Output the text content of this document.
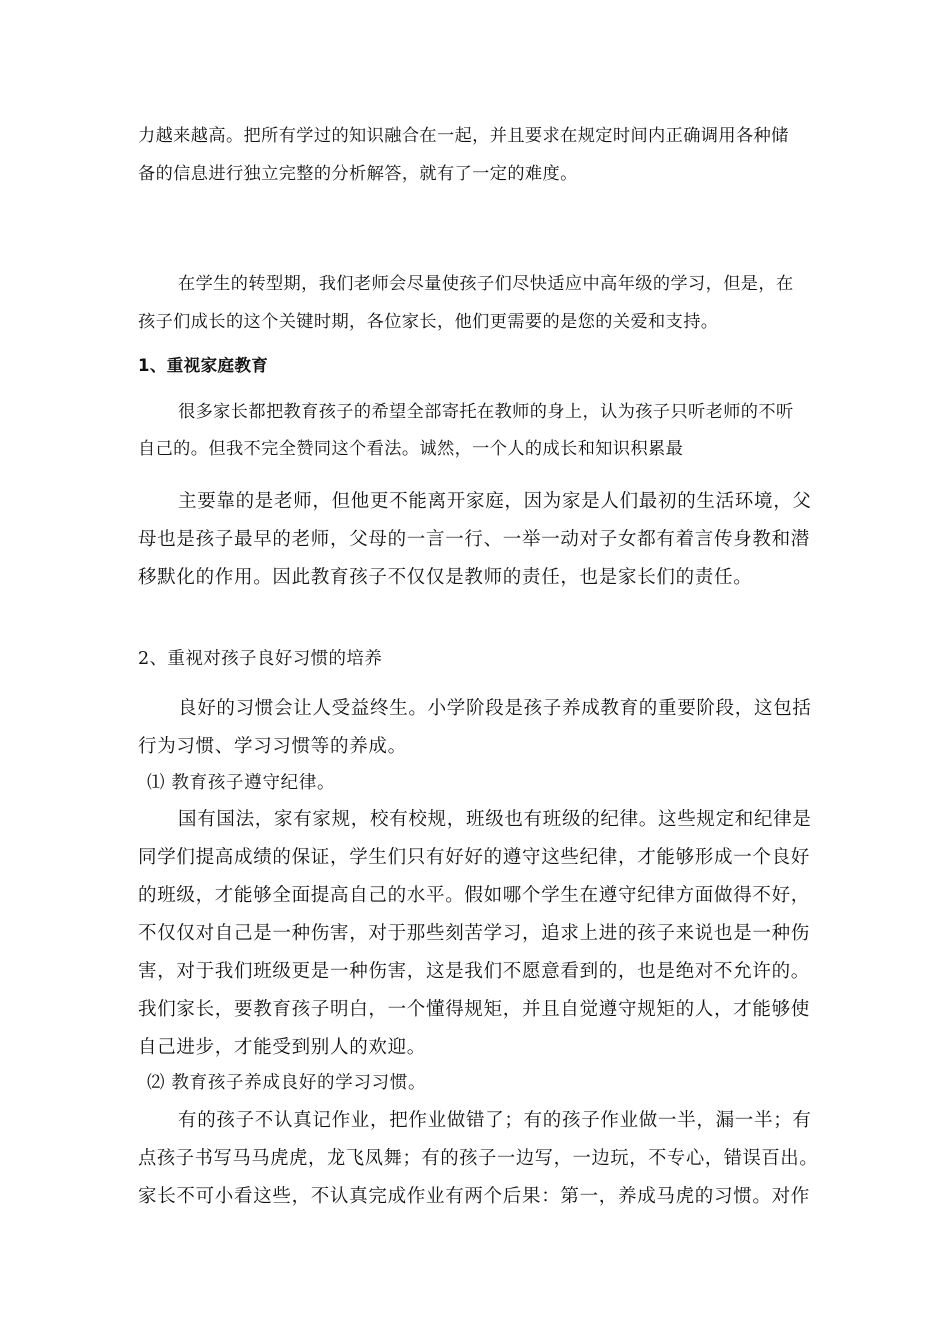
力越来越高。把所有学过的知识融合在一起，并且要求在规定时间内正确调用各种储
备的信息进行独立完整的分析解答，就有了一定的难度。
在学生的转型期，我们老师会尽量使孩子们尽快适应中高年级的学习，但是，在
孩子们成长的这个关键时期，各位家长，他们更需要的是您的关爱和支持。
1、重视家庭教育
很多家长都把教育孩子的希望全部寄托在教师的身上，认为孩子只听老师的不听
自己的。但我不完全赞同这个看法。诚然，一个人的成长和知识积累最
主要靠的是老师，但他更不能离开家庭，因为家是人们最初的生活环境，父
母也是孩子最早的老师，父母的一言一行、一举一动对子女都有着言传身教和潜
移默化的作用。因此教育孩子不仅仅是教师的责任，也是家长们的责任。
2、重视对孩子良好习惯的培养
良好的习惯会让人受益终生。小学阶段是孩子养成教育的重要阶段，这包括
行为习惯、学习习惯等的养成。
⑴ 教育孩子遵守纪律。
国有国法，家有家规，校有校规，班级也有班级的纪律。这些规定和纪律是
同学们提高成绩的保证，学生们只有好好的遵守这些纪律，才能够形成一个良好
的班级，才能够全面提高自己的水平。假如哪个学生在遵守纪律方面做得不好，
不仅仅对自己是一种伤害，对于那些刻苦学习，追求上进的孩子来说也是一种伤
害，对于我们班级更是一种伤害，这是我们不愿意看到的，也是绝对不允许的。
我们家长，要教育孩子明白，一个懂得规矩，并且自觉遵守规矩的人，才能够使
自己进步，才能受到别人的欢迎。
⑵ 教育孩子养成良好的学习习惯。
有的孩子不认真记作业，把作业做错了；有的孩子作业做一半，漏一半；有
点孩子书写马马虎虎，龙飞凤舞；有的孩子一边写，一边玩，不专心，错误百出。
家长不可小看这些，不认真完成作业有两个后果：第一，养成马虎的习惯。对作
